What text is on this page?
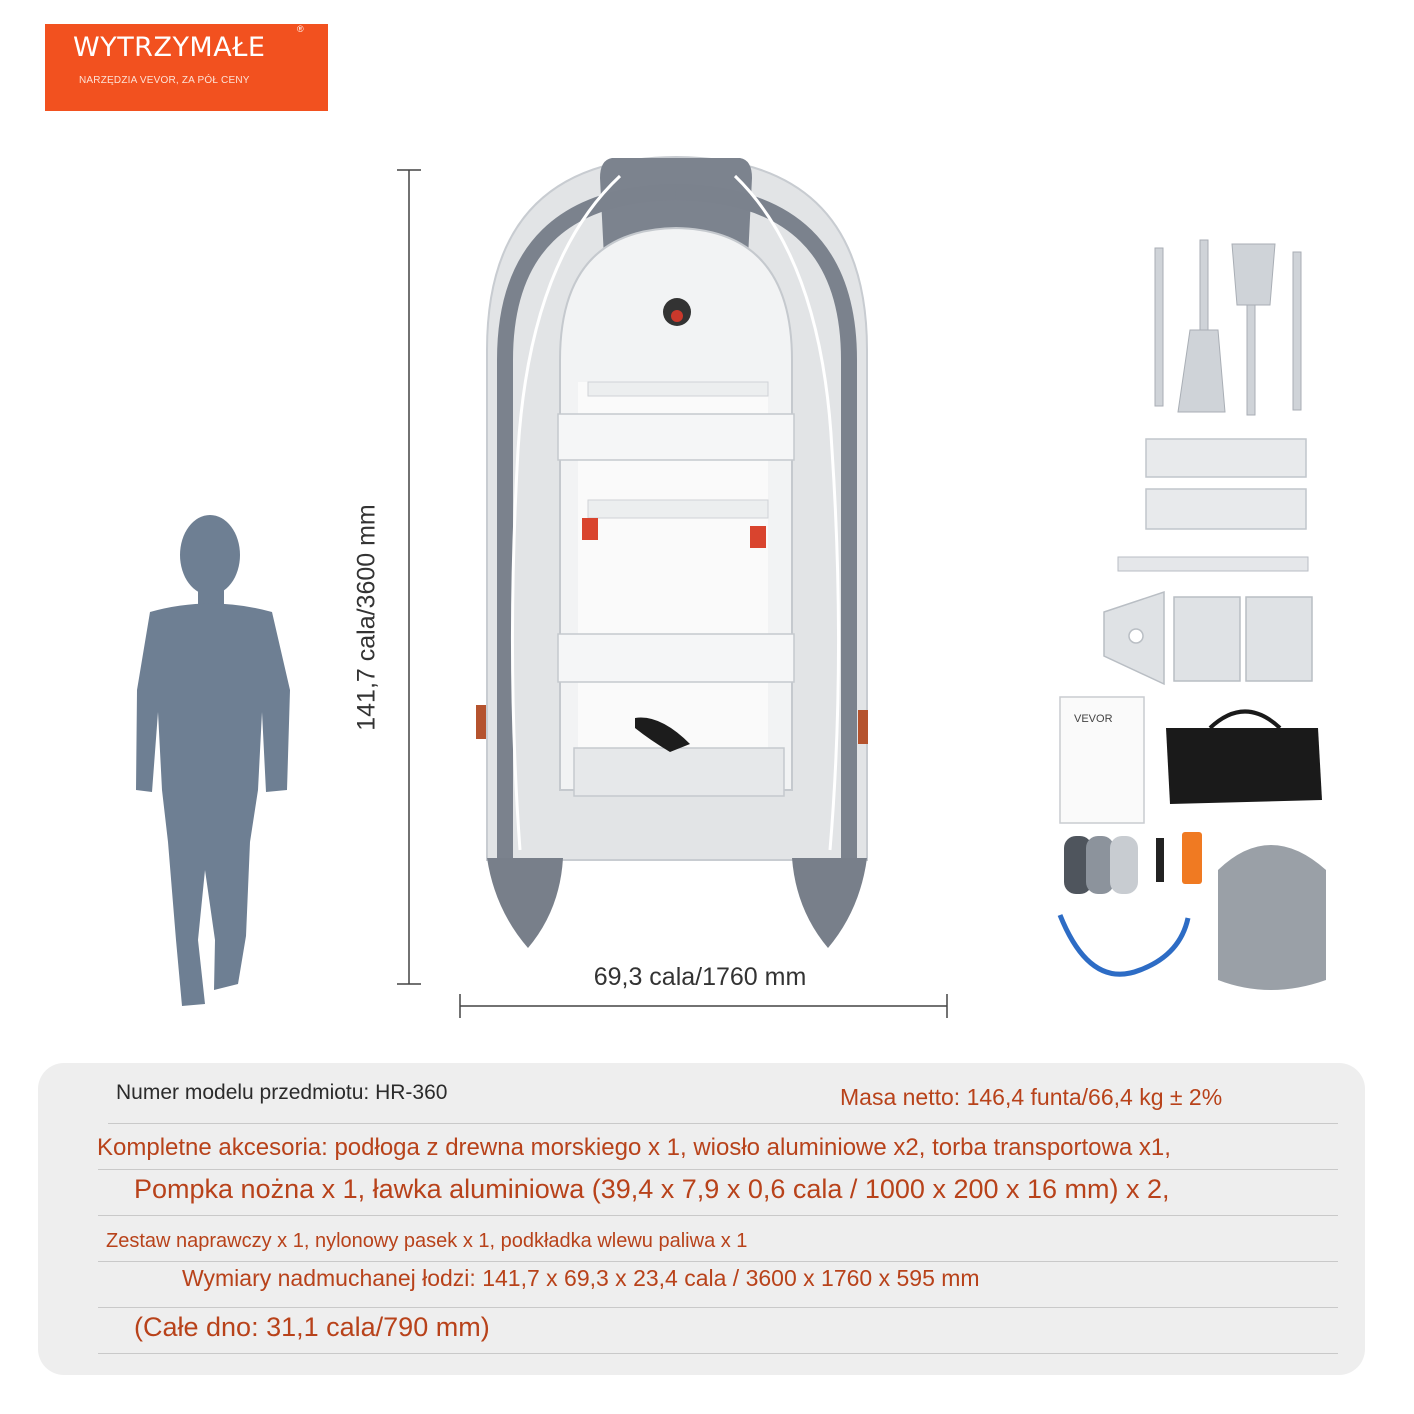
WYTRZYMAŁE
®
NARZĘDZIA VEVOR, ZA PÓŁ CENY
141,7 cala/3600 mm
69,3 cala/1760 mm
VEVOR
Numer modelu przedmiotu: HR-360	Masa netto: 146,4 funta/66,4 kg ± 2%
Kompletne akcesoria: podłoga z drewna morskiego x 1, wiosło aluminiowe x2, torba transportowa x1,
Pompka nożna x 1, ławka aluminiowa (39,4 x 7,9 x 0,6 cala / 1000 x 200 x 16 mm) x 2,
Zestaw naprawczy x 1, nylonowy pasek x 1, podkładka wlewu paliwa x 1
Wymiary nadmuchanej łodzi: 141,7 x 69,3 x 23,4 cala / 3600 x 1760 x 595 mm
(Całe dno: 31,1 cala/790 mm)
